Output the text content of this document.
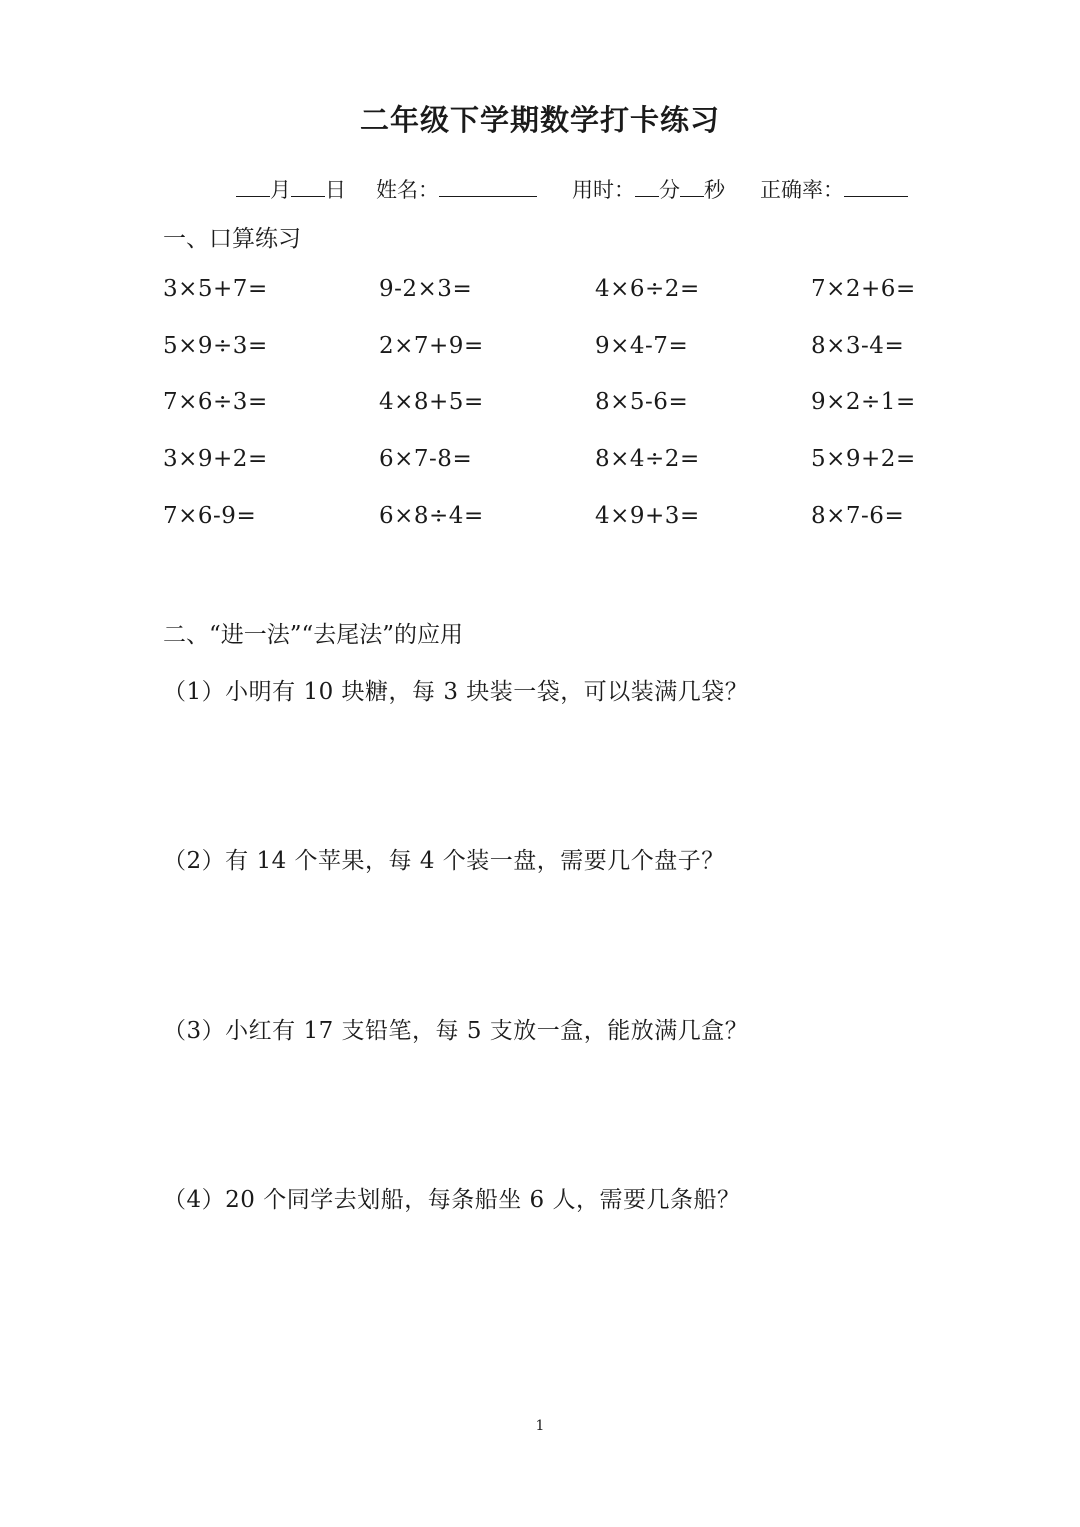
二年级下学期数学打卡练习
月 日 姓名：	用时： 分 秒 正确率：
一、口算练习
3×5+7=	9-2×3=	4×6÷2=	7×2+6=
5×9÷3=	2×7+9=	9×4-7=	8×3-4=
7×6÷3=	4×8+5=	8×5-6=	9×2÷1=
3×9+2=	6×7-8=	8×4÷2=	5×9+2=
7×6-9=	6×8÷4=	4×9+3=	8×7-6=
二、“进一法”“去尾法”的应用
（1）小明有 10 块糖，每 3 块装一袋，可以装满几袋？
（2）有 14 个苹果，每 4 个装一盘，需要几个盘子？
（3）小红有 17 支铅笔，每 5 支放一盒，能放满几盒？
（4）20 个同学去划船，每条船坐 6 人，需要几条船？
1
